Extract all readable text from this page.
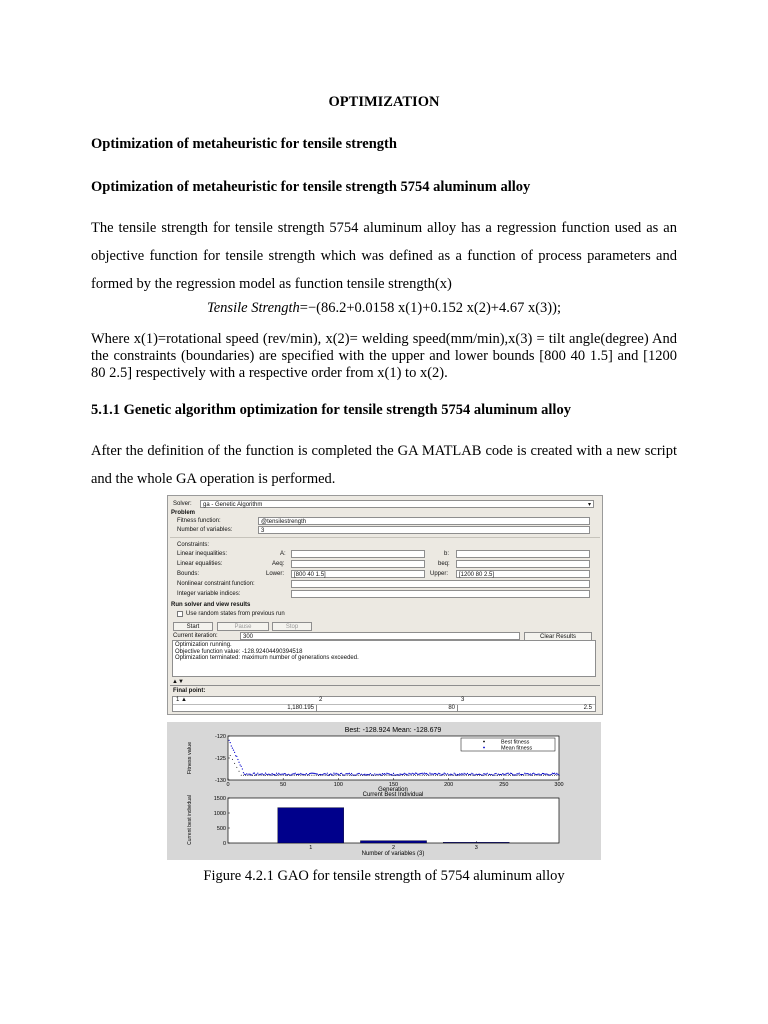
OPTIMIZATION
Optimization of metaheuristic for tensile strength
Optimization of metaheuristic for tensile strength 5754 aluminum alloy
The tensile strength for tensile strength 5754 aluminum alloy has a regression function used as an objective function for tensile strength which was defined as a function of process parameters and formed by the regression model as function tensile strength(x)
Tensile Strength=−(86.2+0.0158 x(1)+0.152 x(2)+4.67 x(3));
Where x(1)=rotational speed (rev/min), x(2)= welding speed(mm/min),x(3) = tilt angle(degree) And the constraints (boundaries) are specified with the upper and lower bounds [800 40 1.5] and [1200 80 2.5] respectively with a respective order from x(1) to x(2).
5.1.1 Genetic algorithm optimization for tensile strength 5754 aluminum alloy
After the definition of the function is completed the GA MATLAB code is created with a new script and the whole GA operation is performed.
Solver:	ga - Genetic Algorithm	▾
Problem
Fitness function:	@tensilestrength
Number of variables:	3
Constraints:
Linear inequalities:	A:	b:
Linear equalities:	Aeq:	beq:
Bounds:	Lower:	[800 40 1.5]	Upper:	[1200 80 2.5]
Nonlinear constraint function:
Integer variable indices:
Run solver and view results
Use random states from previous run
Start	Pause	Stop
Current iteration:	300	Clear Results
Optimization running.
Objective function value: -128.92404490394518
Optimization terminated: maximum number of generations exceeded.
▲▼
Final point:
1 ▲	2	3
1,180.195	80	2.5
Best: -128.924 Mean: -128.679
Generation
Fitness value
0	50	100	150	200	250	300
-120
-125
-130
Best fitness
Mean fitness
Current Best Individual
Number of variables (3)
Current best individual	1500
1000
500
0
1	2	3
Figure 4.2.1 GAO for tensile strength of 5754 aluminum alloy
